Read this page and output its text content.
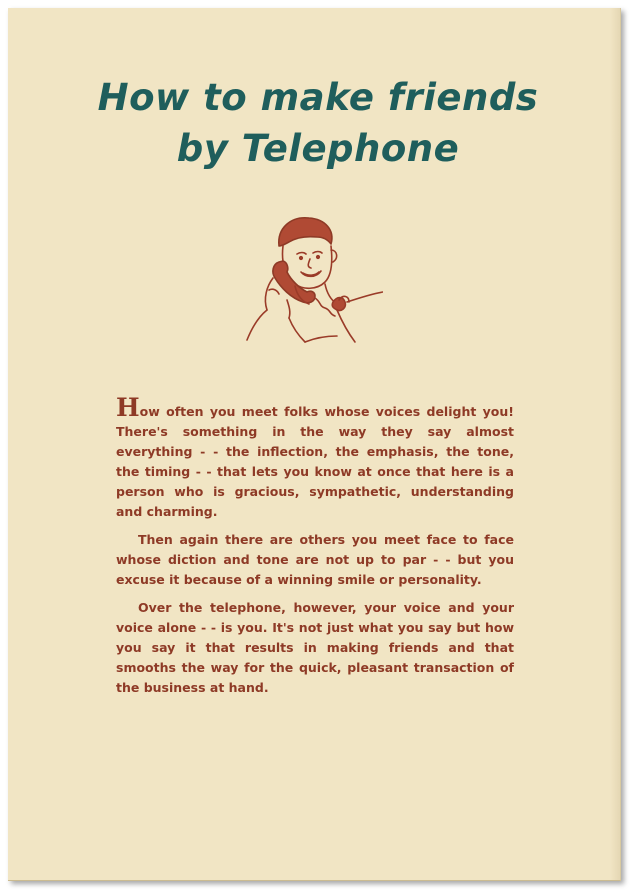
How to make friends
by Telephone

How often you meet folks whose voices delight you! There's something in the way they say almost everything - - the inflection, the emphasis, the tone, the timing - - that lets you know at once that here is a person who is gracious, sympathetic, understanding and charming.

Then again there are others you meet face to face whose diction and tone are not up to par - - but you excuse it because of a winning smile or personality.

Over the telephone, however, your voice and your voice alone - - is you. It's not just what you say but how you say it that results in making friends and that smooths the way for the quick, pleasant transaction of the business at hand.
